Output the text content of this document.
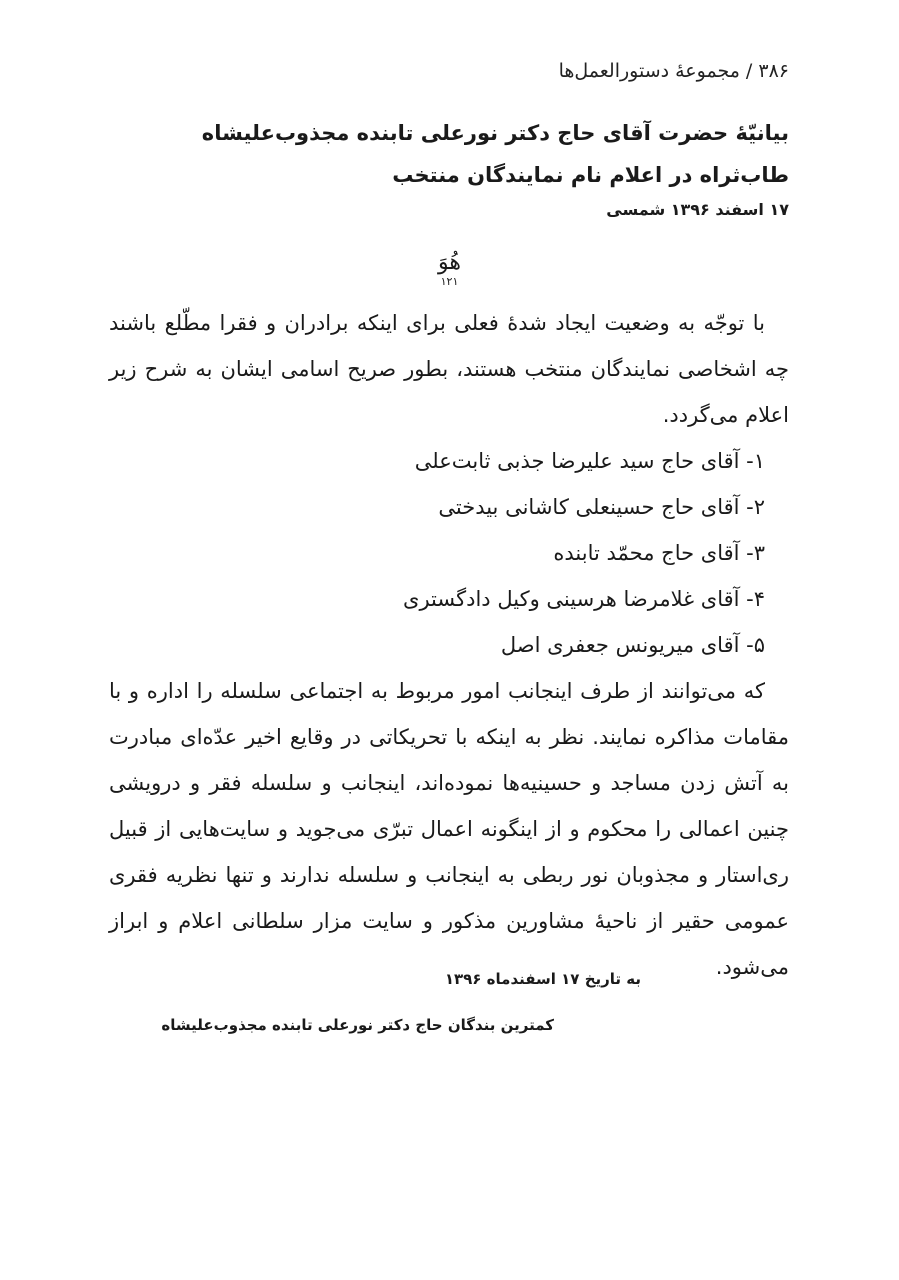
۳۸۶ / مجموعهٔ دستورالعمل‌ها
بیانیّهٔ حضرت آقای حاج دکتر نورعلی تابنده مجذوب‌علیشاه طاب‌ثراه در اعلام نام نمایندگان منتخب
۱۷ اسفند ۱۳۹۶ شمسی
هُوَ
۱۲۱
با توجّه به وضعیت ایجاد شدهٔ فعلی برای اینکه برادران و فقرا مطّلع باشند چه اشخاصی نمایندگان منتخب هستند، بطور صریح اسامی ایشان به شرح زیر اعلام می‌گردد.
۱- آقای حاج سید علیرضا جذبی ثابت‌علی
۲- آقای حاج حسینعلی کاشانی بیدختی
۳- آقای حاج محمّد تابنده
۴- آقای غلامرضا هرسینی وکیل دادگستری
۵- آقای میریونس جعفری اصل
که می‌توانند از طرف اینجانب امور مربوط به اجتماعی سلسله را اداره و با مقامات مذاکره نمایند. نظر به اینکه با تحریکاتی در وقایع اخیر عدّه‌ای مبادرت به آتش زدن مساجد و حسینیه‌ها نموده‌اند، اینجانب و سلسله فقر و درویشی چنین اعمالی را محکوم و از اینگونه اعمال تبرّی می‌جوید و سایت‌هایی از قبیل ری‌استار و مجذوبان نور ربطی به اینجانب و سلسله ندارند و تنها نظریه فقری عمومی حقیر از ناحیهٔ مشاورین مذکور و سایت مزار سلطانی اعلام و ابراز می‌شود.
به تاریخ ۱۷ اسفندماه ۱۳۹۶
کمترین بندگان حاج دکتر نورعلی تابنده مجذوب‌علیشاه
